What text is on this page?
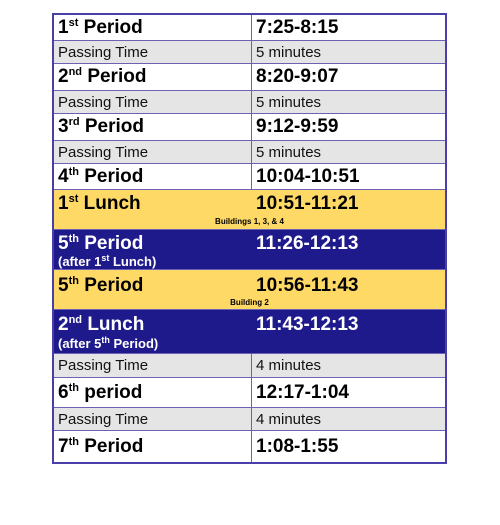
1st Period	7:25-8:15
Passing Time	5 minutes
2nd Period	8:20-9:07
Passing Time	5 minutes
3rd Period	9:12-9:59
Passing Time	5 minutes
4th Period	10:04-10:51
1st Lunch	10:51-11:21
Buildings 1, 3, & 4
5th Period	11:26-12:13
(after 1st Lunch)
5th Period	10:56-11:43
Building 2
2nd Lunch	11:43-12:13
(after 5th Period)
Passing Time	4 minutes
6th period	12:17-1:04
Passing Time	4 minutes
7th Period	1:08-1:55
